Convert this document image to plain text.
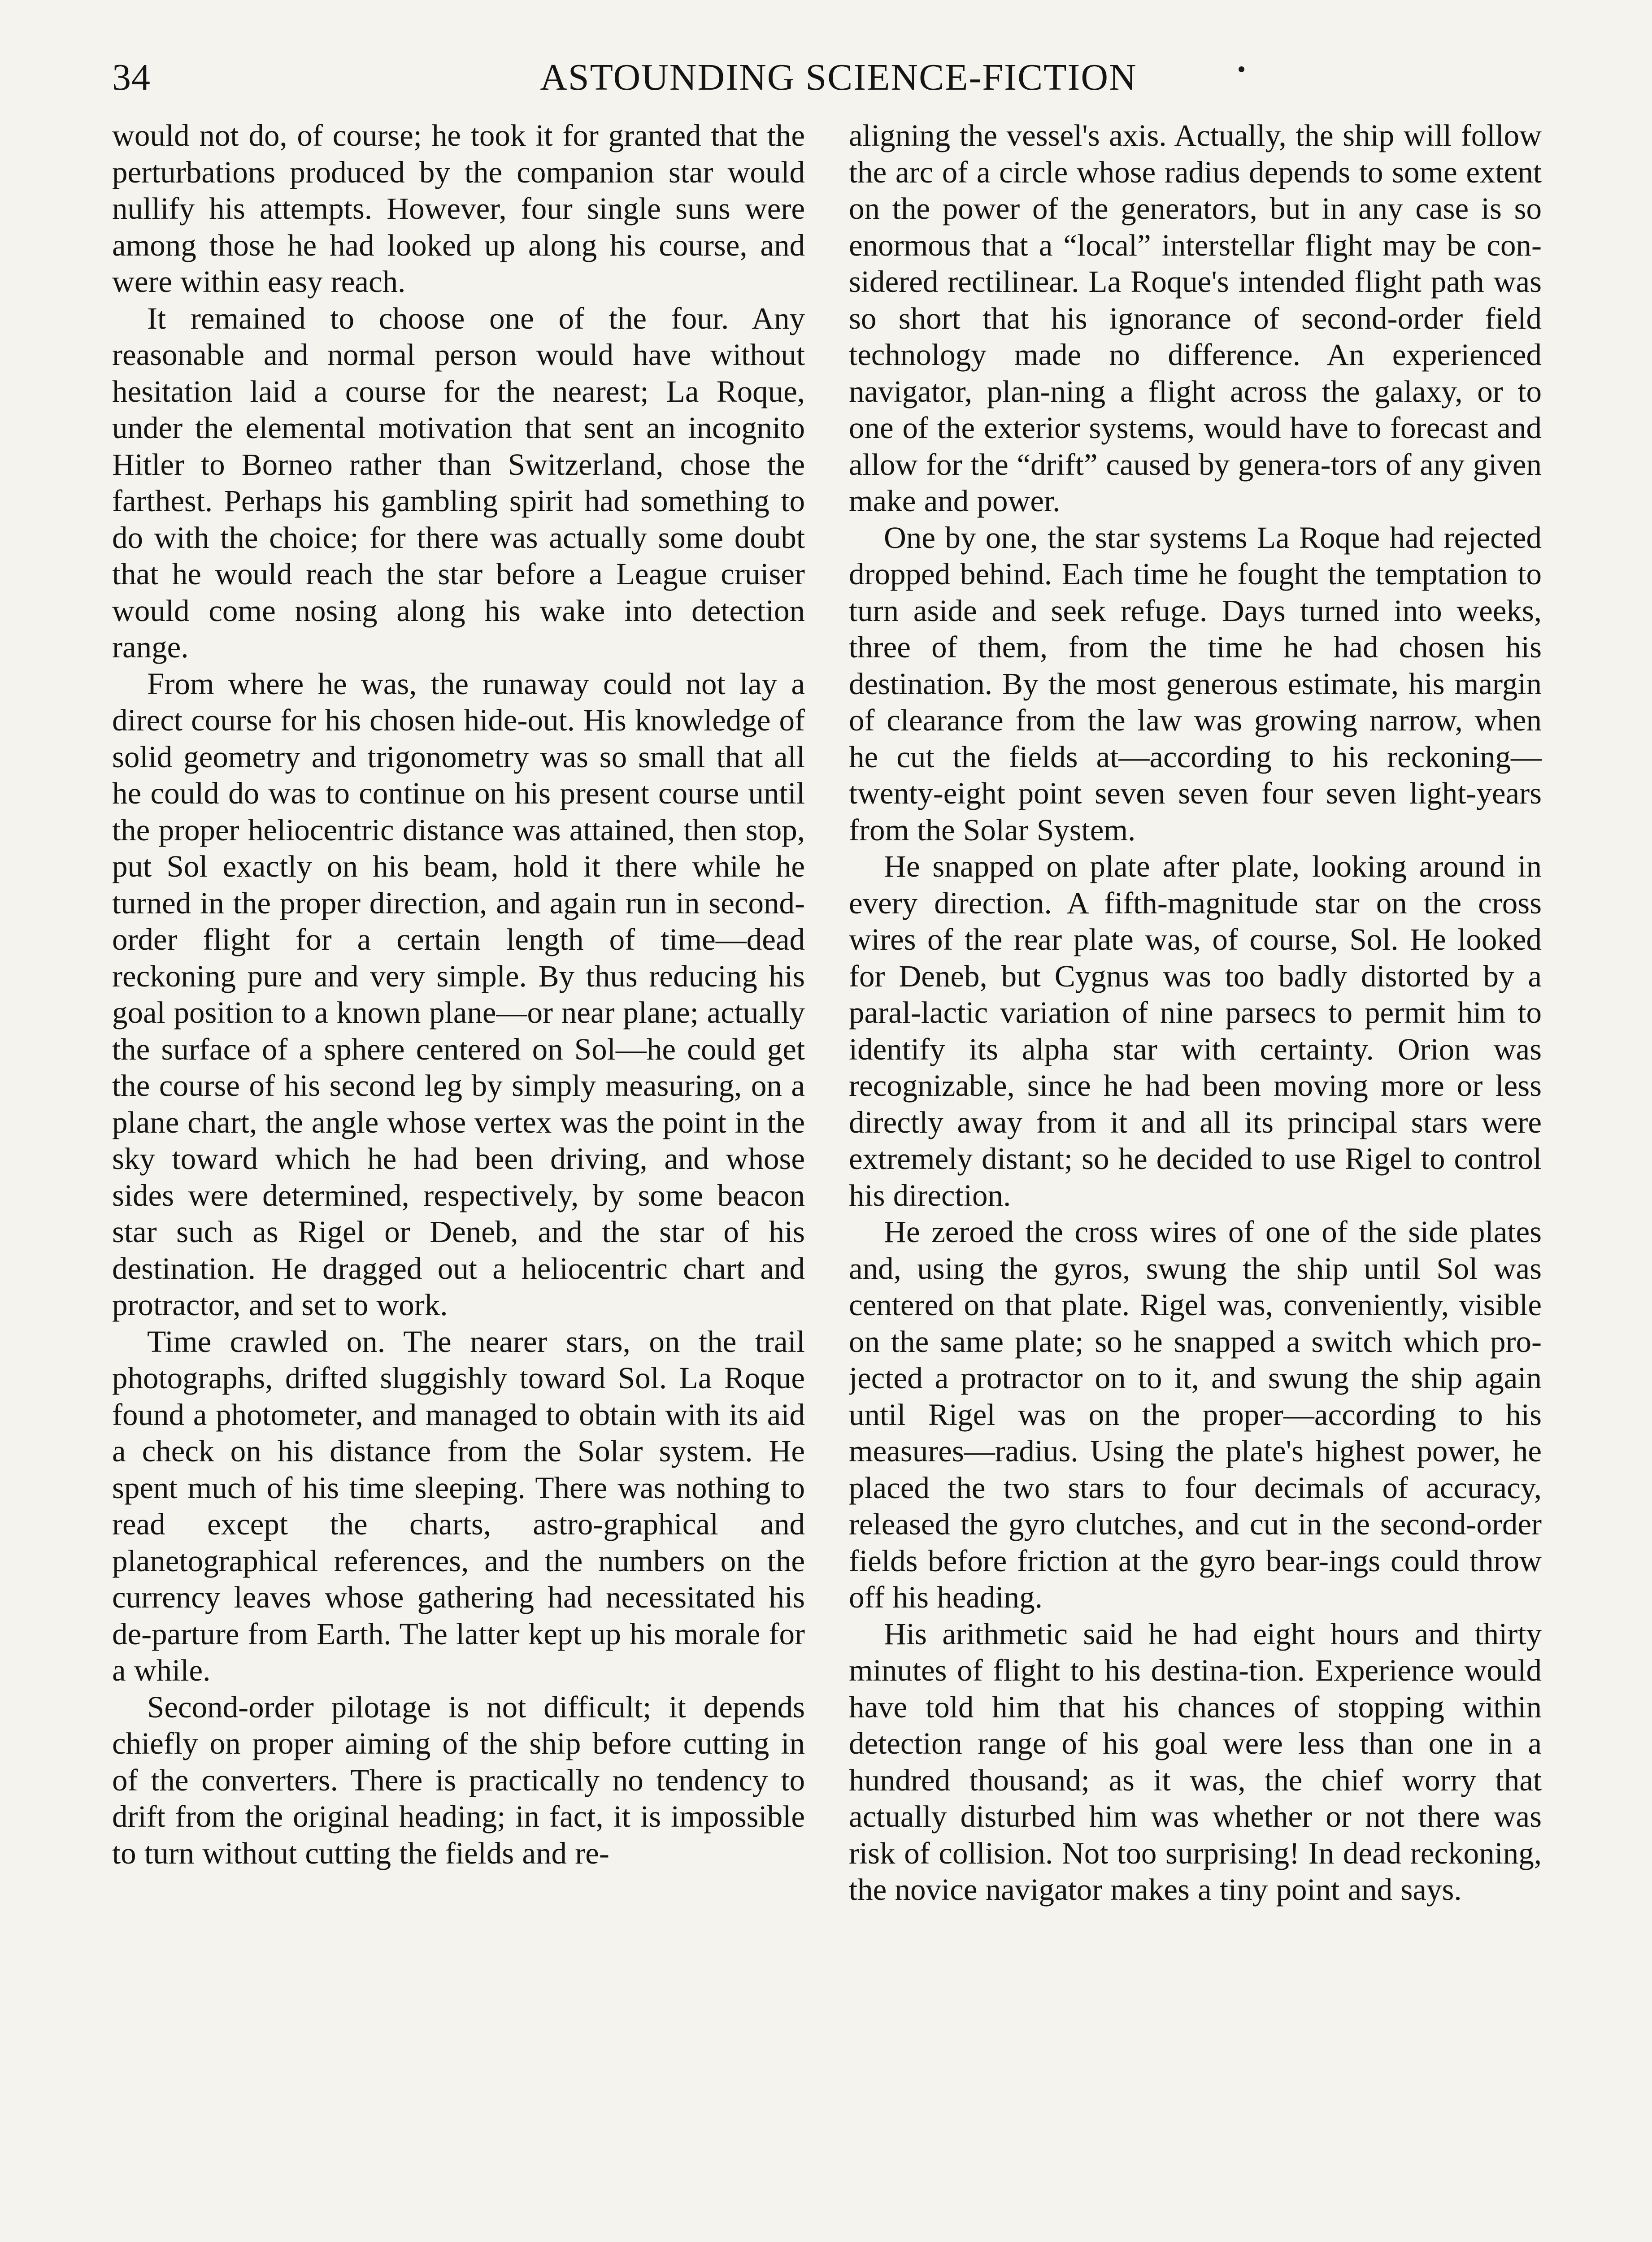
34	ASTOUNDING SCIENCE-FICTION

would not do, of course; he took it for granted that the perturbations produced by the companion star would nullify his attempts. However, four single suns were among those he had looked up along his course, and were within easy reach.

It remained to choose one of the four. Any reasonable and normal person would have without hesitation laid a course for the nearest; La Roque, under the elemental motivation that sent an incognito Hitler to Borneo rather than Switzerland, chose the farthest. Perhaps his gambling spirit had something to do with the choice; for there was actually some doubt that he would reach the star before a League cruiser would come nosing along his wake into detection range.

From where he was, the runaway could not lay a direct course for his chosen hide-out. His knowledge of solid geometry and trigonometry was so small that all he could do was to continue on his present course until the proper heliocentric distance was attained, then stop, put Sol exactly on his beam, hold it there while he turned in the proper direction, and again run in second-order flight for a certain length of time—dead reckoning pure and very simple. By thus reducing his goal position to a known plane—or near plane; actually the surface of a sphere centered on Sol—he could get the course of his second leg by simply measuring, on a plane chart, the angle whose vertex was the point in the sky toward which he had been driving, and whose sides were determined, respectively, by some beacon star such as Rigel or Deneb, and the star of his destination. He dragged out a heliocentric chart and protractor, and set to work.

Time crawled on. The nearer stars, on the trail photographs, drifted sluggishly toward Sol. La Roque found a photometer, and managed to obtain with its aid a check on his distance from the Solar system. He spent much of his time sleeping. There was nothing to read except the charts, astro-graphical and planetographical references, and the numbers on the currency leaves whose gathering had necessitated his de-parture from Earth. The latter kept up his morale for a while.

Second-order pilotage is not difficult; it depends chiefly on proper aiming of the ship before cutting in of the converters. There is practically no tendency to drift from the original heading; in fact, it is impossible to turn without cutting the fields and re-

aligning the vessel's axis. Actually, the ship will follow the arc of a circle whose radius depends to some extent on the power of the generators, but in any case is so enormous that a “local” interstellar flight may be con-sidered rectilinear. La Roque's intended flight path was so short that his ignorance of second-order field technology made no difference. An experienced navigator, plan-ning a flight across the galaxy, or to one of the exterior systems, would have to forecast and allow for the “drift” caused by genera-tors of any given make and power.

One by one, the star systems La Roque had rejected dropped behind. Each time he fought the temptation to turn aside and seek refuge. Days turned into weeks, three of them, from the time he had chosen his destination. By the most generous estimate, his margin of clearance from the law was growing narrow, when he cut the fields at—according to his reckoning—twenty-eight point seven seven four seven light-years from the Solar System.

He snapped on plate after plate, looking around in every direction. A fifth-magnitude star on the cross wires of the rear plate was, of course, Sol. He looked for Deneb, but Cygnus was too badly distorted by a paral-lactic variation of nine parsecs to permit him to identify its alpha star with certainty. Orion was recognizable, since he had been moving more or less directly away from it and all its principal stars were extremely distant; so he decided to use Rigel to control his direction.

He zeroed the cross wires of one of the side plates and, using the gyros, swung the ship until Sol was centered on that plate. Rigel was, conveniently, visible on the same plate; so he snapped a switch which pro-jected a protractor on to it, and swung the ship again until Rigel was on the proper—according to his measures—radius. Using the plate's highest power, he placed the two stars to four decimals of accuracy, released the gyro clutches, and cut in the second-order fields before friction at the gyro bear-ings could throw off his heading.

His arithmetic said he had eight hours and thirty minutes of flight to his destina-tion. Experience would have told him that his chances of stopping within detection range of his goal were less than one in a hundred thousand; as it was, the chief worry that actually disturbed him was whether or not there was risk of collision. Not too surprising! In dead reckoning, the novice navigator makes a tiny point and says.
